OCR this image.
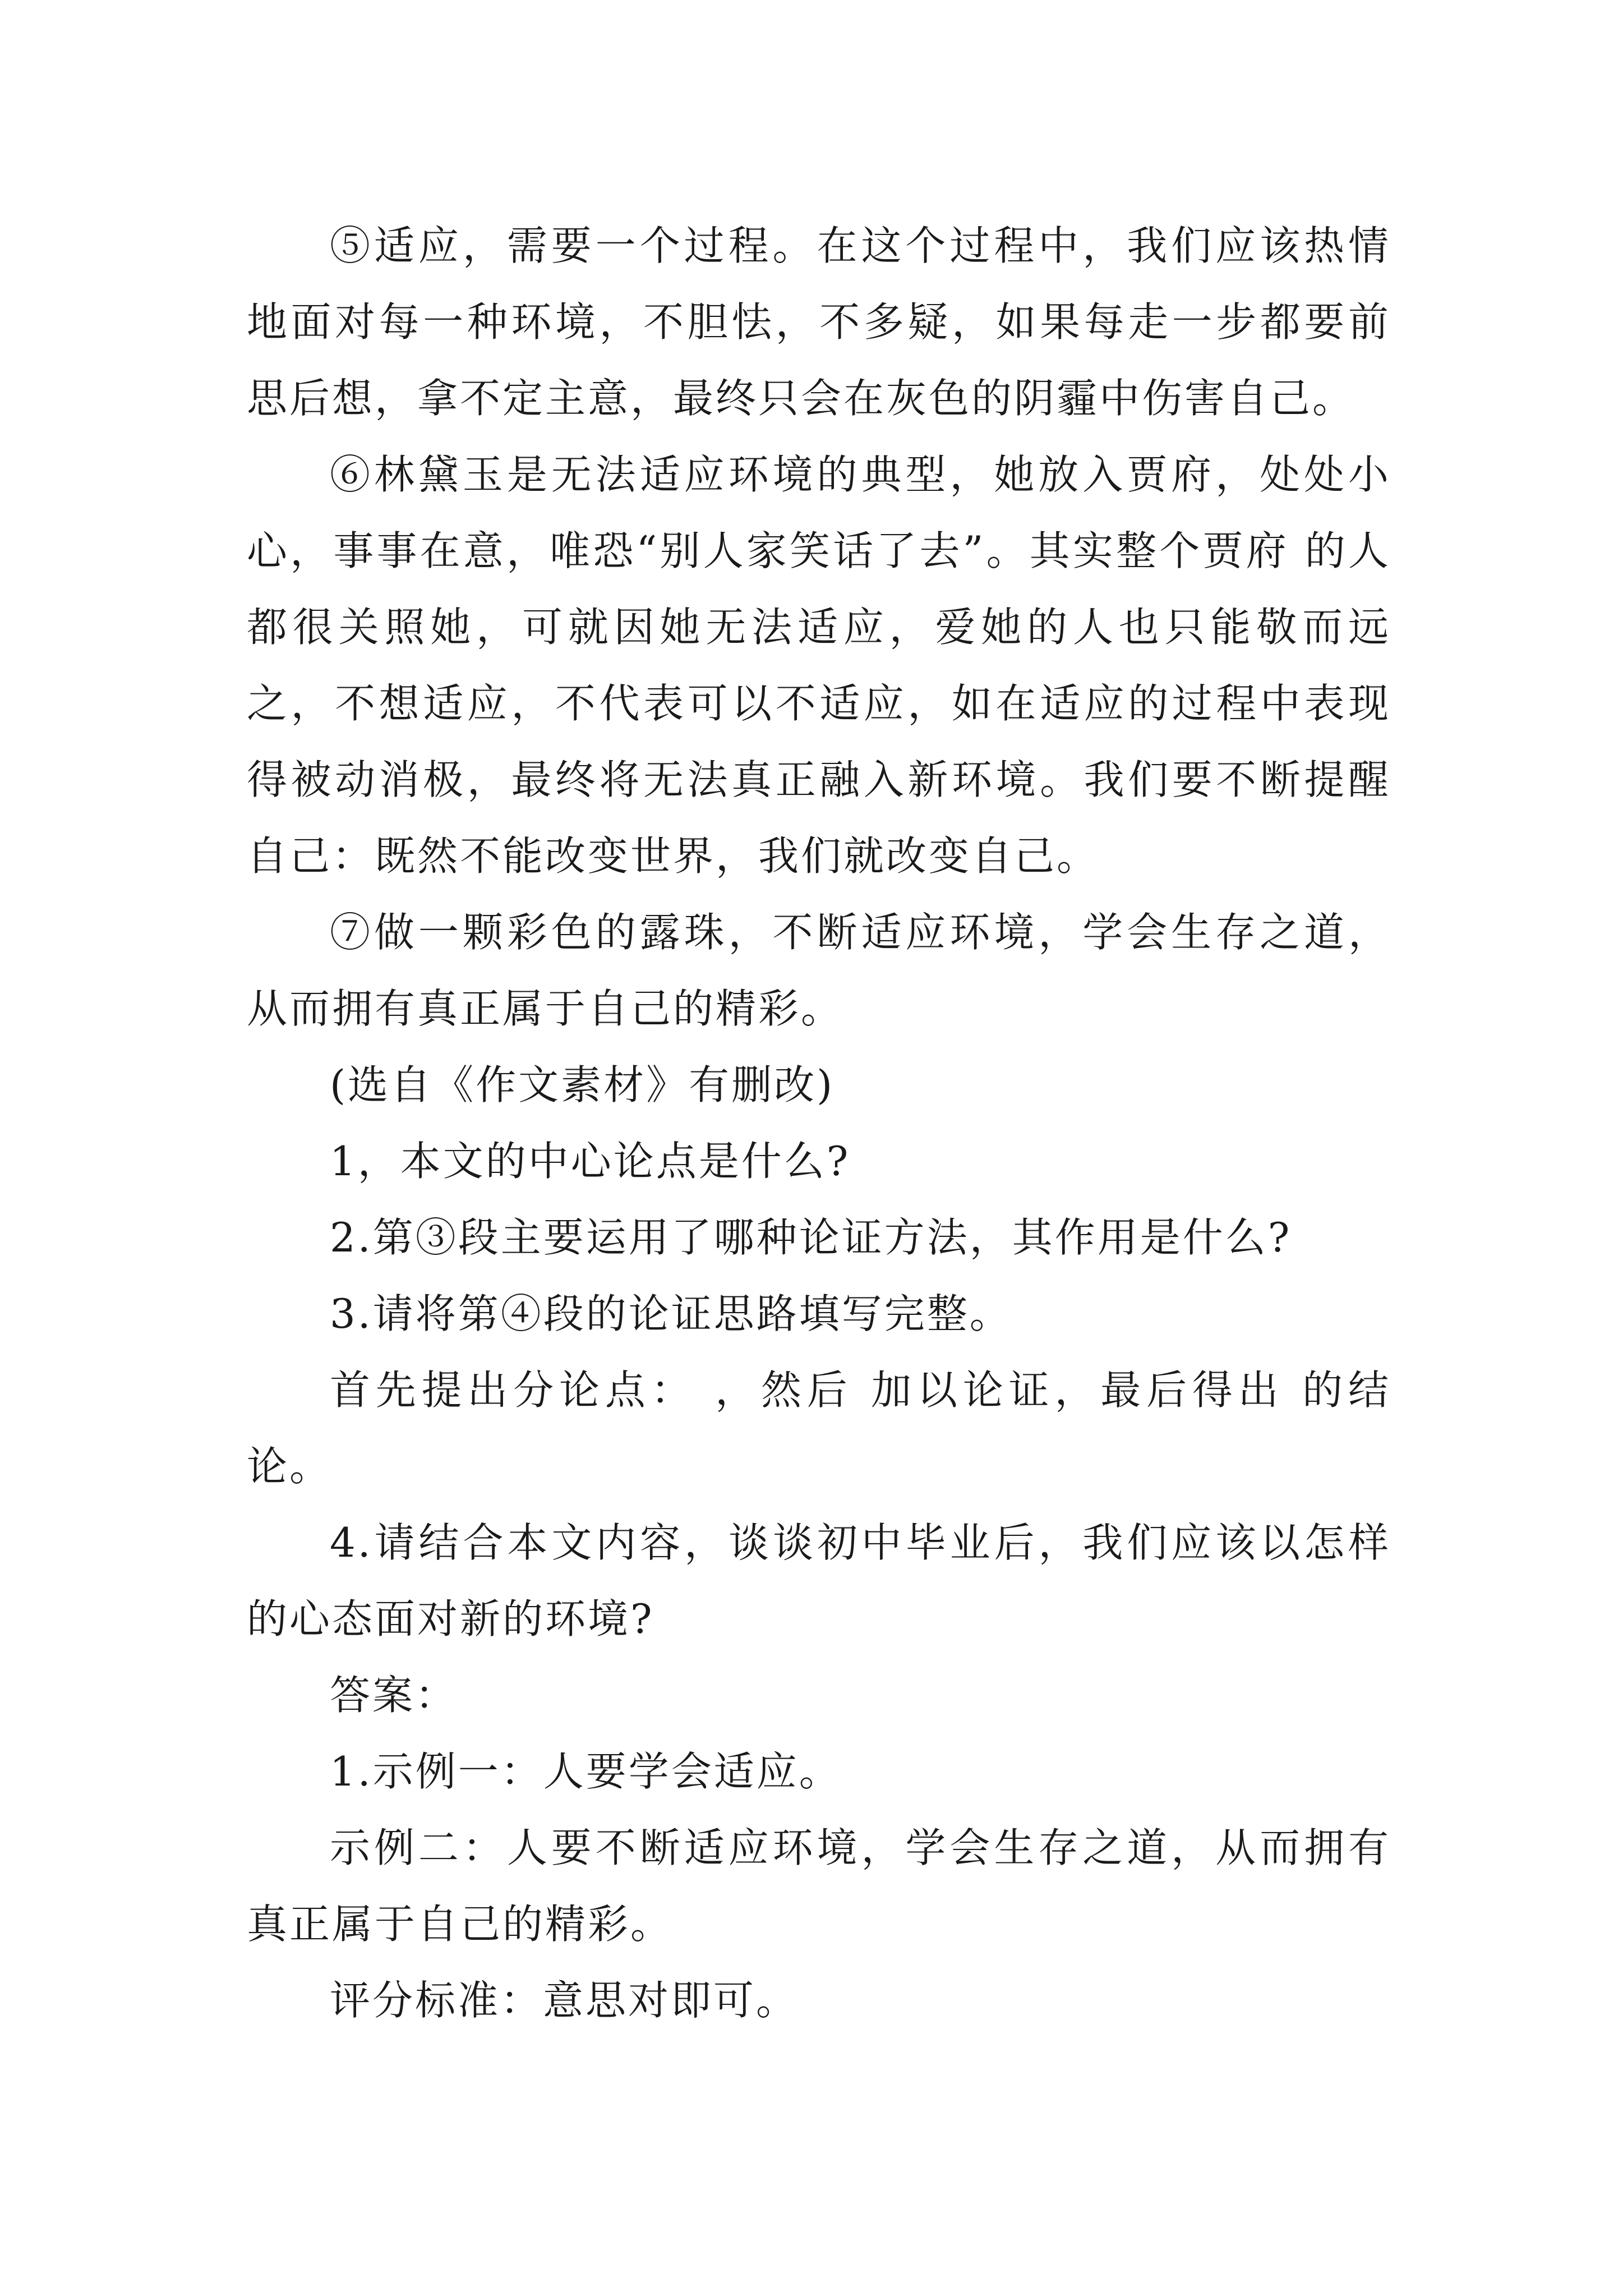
⑤适应，需要一个过程。在这个过程中，我们应该热情地面对每一种环境，不胆怯，不多疑，如果每走一步都要前思后想，拿不定主意，最终只会在灰色的阴霾中伤害自己。

⑥林黛玉是无法适应环境的典型，她放入贾府，处处小心，事事在意，唯恐“别人家笑话了去”。其实整个贾府 的人都很关照她，可就因她无法适应，爱她的人也只能敬而远之，不想适应，不代表可以不适应，如在适应的过程中表现得被动消极，最终将无法真正融入新环境。我们要不断提醒自己：既然不能改变世界，我们就改变自己。

⑦做一颗彩色的露珠，不断适应环境，学会生存之道，从而拥有真正属于自己的精彩。

(选自《作文素材》有删改)

1，本文的中心论点是什么?

2.第③段主要运用了哪种论证方法，其作用是什么?

3.请将第④段的论证思路填写完整。

首先提出分论点： ，然后 加以论证，最后得出 的结论。

4.请结合本文内容，谈谈初中毕业后，我们应该以怎样的心态面对新的环境?

答案：

1.示例一：人要学会适应。

示例二：人要不断适应环境，学会生存之道，从而拥有真正属于自己的精彩。

评分标准：意思对即可。
